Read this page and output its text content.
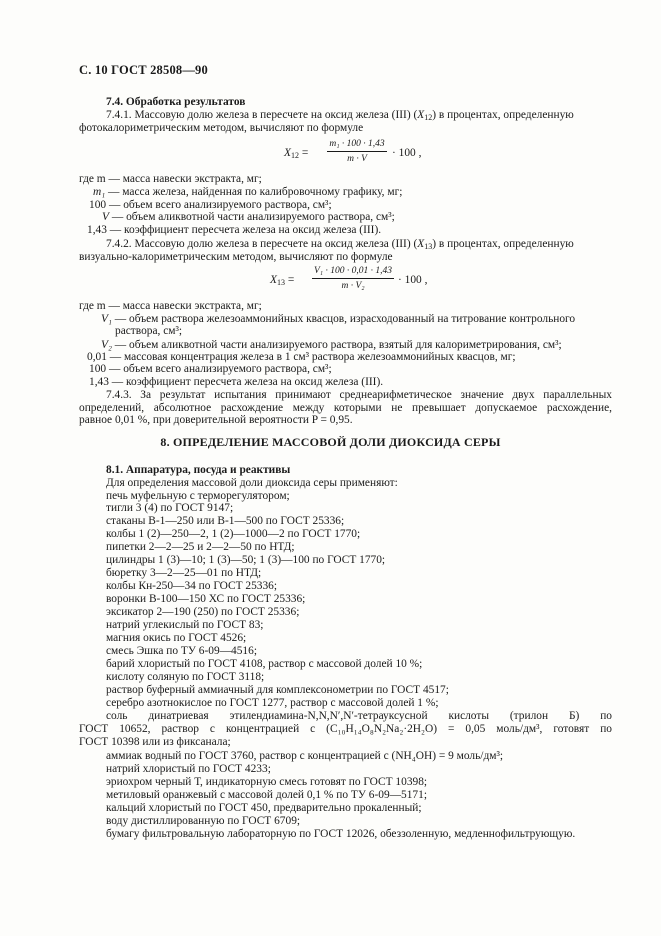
С. 10 ГОСТ 28508—90
7.4. Обработка результатов
7.4.1. Массовую долю железа в пересчете на оксид железа (III) $(X_{12})$ в процентах, определенную
фотокалориметрическим методом, вычисляют по формуле
$X_{12}$ =
m₁ · 100 · 1,43
m · V	· 100 ,
где m — масса навески экстракта, мг;
m₁ — масса железа, найденная по калибровочному графику, мг;
100 — объем всего анализируемого раствора, см³;
V — объем аликвотной части анализируемого раствора, см³;
1,43 — коэффициент пересчета железа на оксид железа (III).
7.4.2. Массовую долю железа в пересчете на оксид железа (III) $(X_{13})$ в процентах, определенную
визуально-калориметрическим методом, вычисляют по формуле
$X_{13}$ =
V₁ · 100 · 0,01 · 1,43
m · V₂	· 100 ,
где m — масса навески экстракта, мг;
V₁ — объем раствора железоаммонийных квасцов, израсходованный на титрование контрольного
раствора, см³;
V₂ — объем аликвотной части анализируемого раствора, взятый для калориметрирования, см³;
0,01 — массовая концентрация железа в 1 см³ раствора железоаммонийных квасцов, мг;
100 — объем всего анализируемого раствора, см³;
1,43 — коэффициент пересчета железа на оксид железа (III).
7.4.3. За результат испытания принимают среднеарифметическое значение двух параллельных
определений, абсолютное расхождение между которыми не превышает допускаемое расхождение,
равное 0,01 %, при доверительной вероятности P = 0,95.
8. ОПРЕДЕЛЕНИЕ МАССОВОЙ ДОЛИ ДИОКСИДА СЕРЫ
8.1. Аппаратура, посуда и реактивы
Для определения массовой доли диоксида серы применяют:
печь муфельную с терморегулятором;
тигли 3 (4) по ГОСТ 9147;
стаканы В-1—250 или В-1—500 по ГОСТ 25336;
колбы 1 (2)—250—2, 1 (2)—1000—2 по ГОСТ 1770;
пипетки 2—2—25 и 2—2—50 по НТД;
цилиндры 1 (3)—10; 1 (3)—50; 1 (3)—100 по ГОСТ 1770;
бюретку 3—2—25—01 по НТД;
колбы Кн-250—34 по ГОСТ 25336;
воронки В-100—150 ХС по ГОСТ 25336;
эксикатор 2—190 (250) по ГОСТ 25336;
натрий углекислый по ГОСТ 83;
магния окись по ГОСТ 4526;
смесь Эшка по ТУ 6-09—4516;
барий хлористый по ГОСТ 4108, раствор с массовой долей 10 %;
кислоту соляную по ГОСТ 3118;
раствор буферный аммиачный для комплексонометрии по ГОСТ 4517;
серебро азотнокислое по ГОСТ 1277, раствор с массовой долей 1 %;
соль динатриевая этилендиамина-N,N,N′,N′-тетрауксусной кислоты (трилон Б) по
ГОСТ 10652, раствор с концентрацией c (C₁₀H₁₄O₈N₂Na₂·2H₂O) = 0,05 моль/дм³, готовят по
ГОСТ 10398 или из фиксанала;
аммиак водный по ГОСТ 3760, раствор с концентрацией c (NH₄OH) = 9 моль/дм³;
натрий хлористый по ГОСТ 4233;
эриохром черный Т, индикаторную смесь готовят по ГОСТ 10398;
метиловый оранжевый с массовой долей 0,1 % по ТУ 6-09—5171;
кальций хлористый по ГОСТ 450, предварительно прокаленный;
воду дистиллированную по ГОСТ 6709;
бумагу фильтровальную лабораторную по ГОСТ 12026, обеззоленную, медленнофильтрующую.
